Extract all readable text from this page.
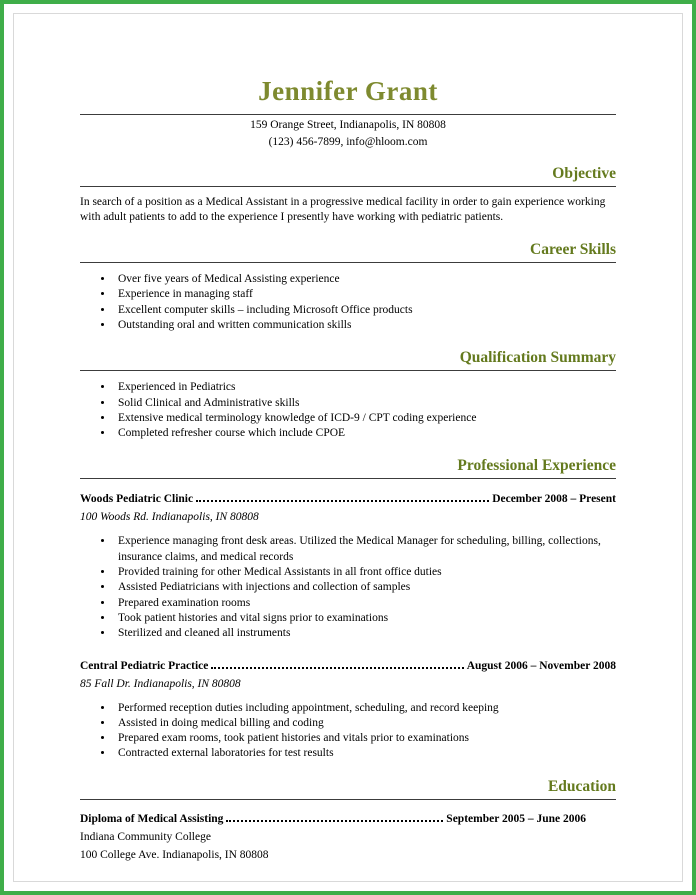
Jennifer Grant

159 Orange Street, Indianapolis, IN 80808

(123) 456-7899, info@hloom.com

Objective

In search of a position as a Medical Assistant in a progressive medical facility in order to gain experience working with adult patients to add to the experience I presently have working with pediatric patients.

Career Skills
• Over five years of Medical Assisting experience
• Experience in managing staff
• Excellent computer skills – including Microsoft Office products
• Outstanding oral and written communication skills
Qualification Summary
• Experienced in Pediatrics
• Solid Clinical and Administrative skills
• Extensive medical terminology knowledge of ICD-9 / CPT coding experience
• Completed refresher course which include CPOE
Professional Experience
Woods Pediatric Clinic	December 2008 – Present
100 Woods Rd. Indianapolis, IN 80808
• Experience managing front desk areas. Utilized the Medical Manager for scheduling, billing, collections, insurance claims, and medical records
• Provided training for other Medical Assistants in all front office duties
• Assisted Pediatricians with injections and collection of samples
• Prepared examination rooms
• Took patient histories and vital signs prior to examinations
• Sterilized and cleaned all instruments
Central Pediatric Practice	August 2006 – November 2008
85 Fall Dr. Indianapolis, IN 80808
• Performed reception duties including appointment, scheduling, and record keeping
• Assisted in doing medical billing and coding
• Prepared exam rooms, took patient histories and vitals prior to examinations
• Contracted external laboratories for test results
Education
Diploma of Medical Assisting	September 2005 – June 2006
Indiana Community College
100 College Ave. Indianapolis, IN 80808
